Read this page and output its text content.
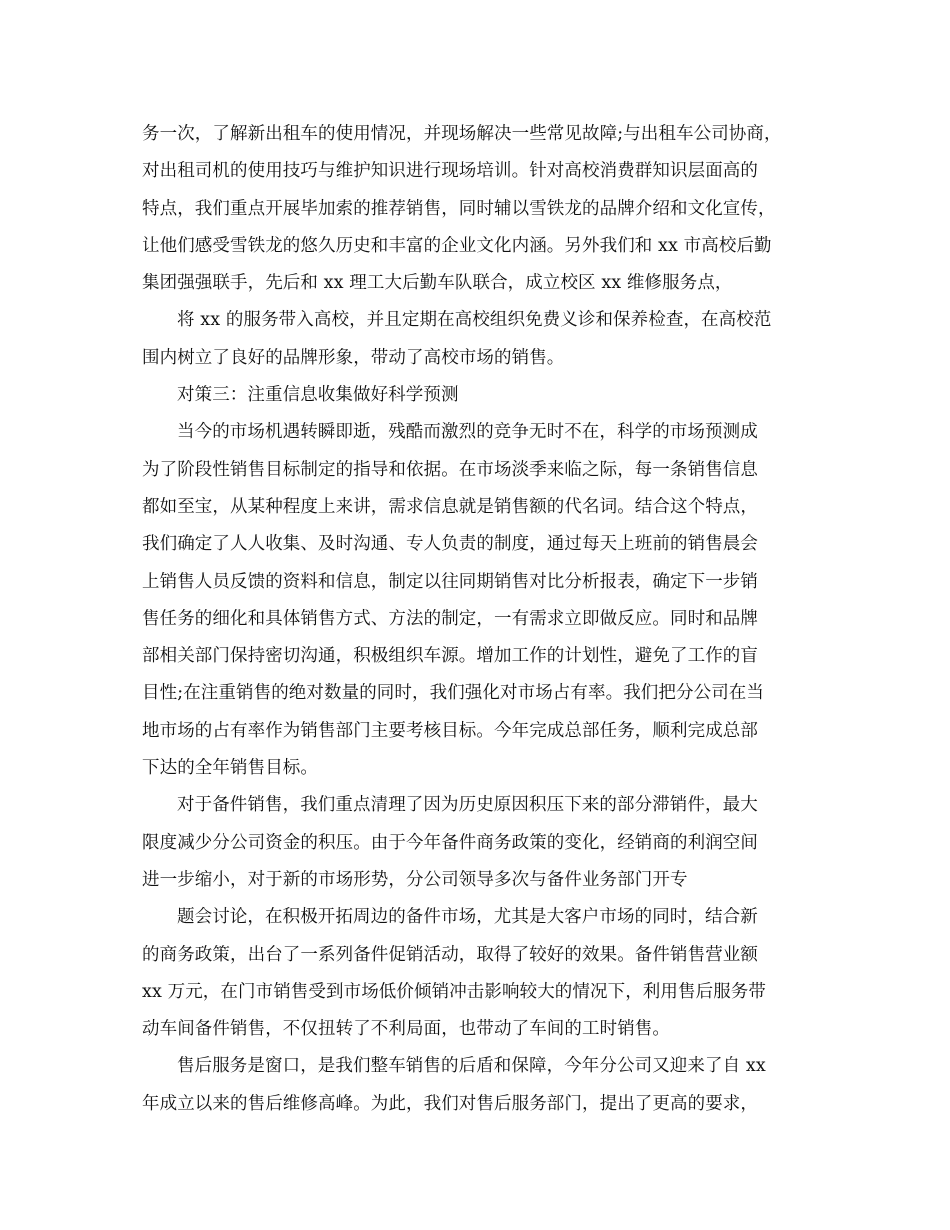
务一次，了解新出租车的使用情况，并现场解决一些常见故障;与出租车公司协商，
对出租司机的使用技巧与维护知识进行现场培训。针对高校消费群知识层面高的
特点，我们重点开展毕加索的推荐销售，同时辅以雪铁龙的品牌介绍和文化宣传，
让他们感受雪铁龙的悠久历史和丰富的企业文化内涵。另外我们和 xx 市高校后勤
集团强强联手，先后和 xx 理工大后勤车队联合，成立校区 xx 维修服务点，
将 xx 的服务带入高校，并且定期在高校组织免费义诊和保养检查，在高校范
围内树立了良好的品牌形象，带动了高校市场的销售。
对策三：注重信息收集做好科学预测
当今的市场机遇转瞬即逝，残酷而激烈的竞争无时不在，科学的市场预测成
为了阶段性销售目标制定的指导和依据。在市场淡季来临之际，每一条销售信息
都如至宝，从某种程度上来讲，需求信息就是销售额的代名词。结合这个特点，
我们确定了人人收集、及时沟通、专人负责的制度，通过每天上班前的销售晨会
上销售人员反馈的资料和信息，制定以往同期销售对比分析报表，确定下一步销
售任务的细化和具体销售方式、方法的制定，一有需求立即做反应。同时和品牌
部相关部门保持密切沟通，积极组织车源。增加工作的计划性，避免了工作的盲
目性;在注重销售的绝对数量的同时，我们强化对市场占有率。我们把分公司在当
地市场的占有率作为销售部门主要考核目标。今年完成总部任务，顺利完成总部
下达的全年销售目标。
对于备件销售，我们重点清理了因为历史原因积压下来的部分滞销件，最大
限度减少分公司资金的积压。由于今年备件商务政策的变化，经销商的利润空间
进一步缩小，对于新的市场形势，分公司领导多次与备件业务部门开专
题会讨论，在积极开拓周边的备件市场，尤其是大客户市场的同时，结合新
的商务政策，出台了一系列备件促销活动，取得了较好的效果。备件销售营业额
xx 万元，在门市销售受到市场低价倾销冲击影响较大的情况下，利用售后服务带
动车间备件销售，不仅扭转了不利局面，也带动了车间的工时销售。
售后服务是窗口，是我们整车销售的后盾和保障，今年分公司又迎来了自 xx
年成立以来的售后维修高峰。为此，我们对售后服务部门，提出了更高的要求，
